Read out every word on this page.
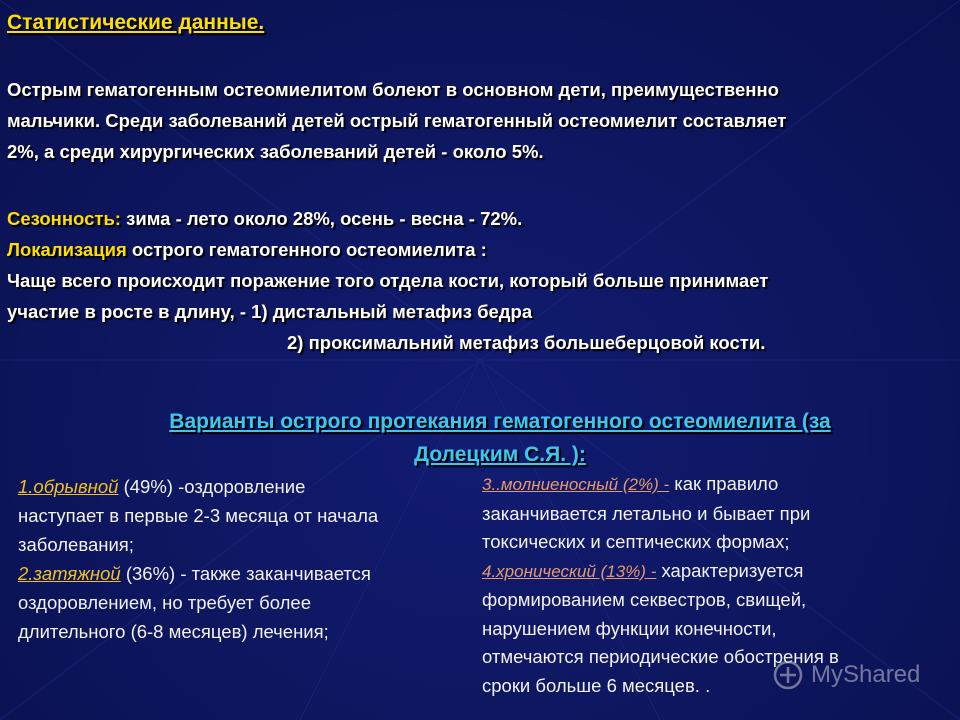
Статистические данные.
Острым гематогенным остеомиелитом болеют в основном дети, преимущественно
мальчики. Среди заболеваний детей острый гематогенный остеомиелит составляет
2%, а среди хирургических заболеваний детей - около 5%.
Сезонность: зима - лето около 28%, осень - весна - 72%.
Локализация острого гематогенного остеомиелита :
Чаще всего происходит поражение того отдела кости, который больше принимает
участие в росте в длину, - 1) дистальный метафиз бедра
2) проксимальний метафиз большеберцовой кости.
Варианты острого протекания гематогенного остеомиелита (за
Долецким С.Я. ):
1.обрывной (49%) -оздоровление
наступает в первые 2-3 месяца от начала
заболевания;
2.затяжной (36%) - также заканчивается
оздоровлением, но требует более
длительного (6-8 месяцев) лечения;
3..молниеносный (2%) - как правило
заканчивается летально и бывает при
токсических и септических формах;
4.хронический (13%) - характеризуется
формированием секвестров, свищей,
нарушением функции конечности,
отмечаются периодические обострения в
сроки больше 6 месяцев. .	MyShared
